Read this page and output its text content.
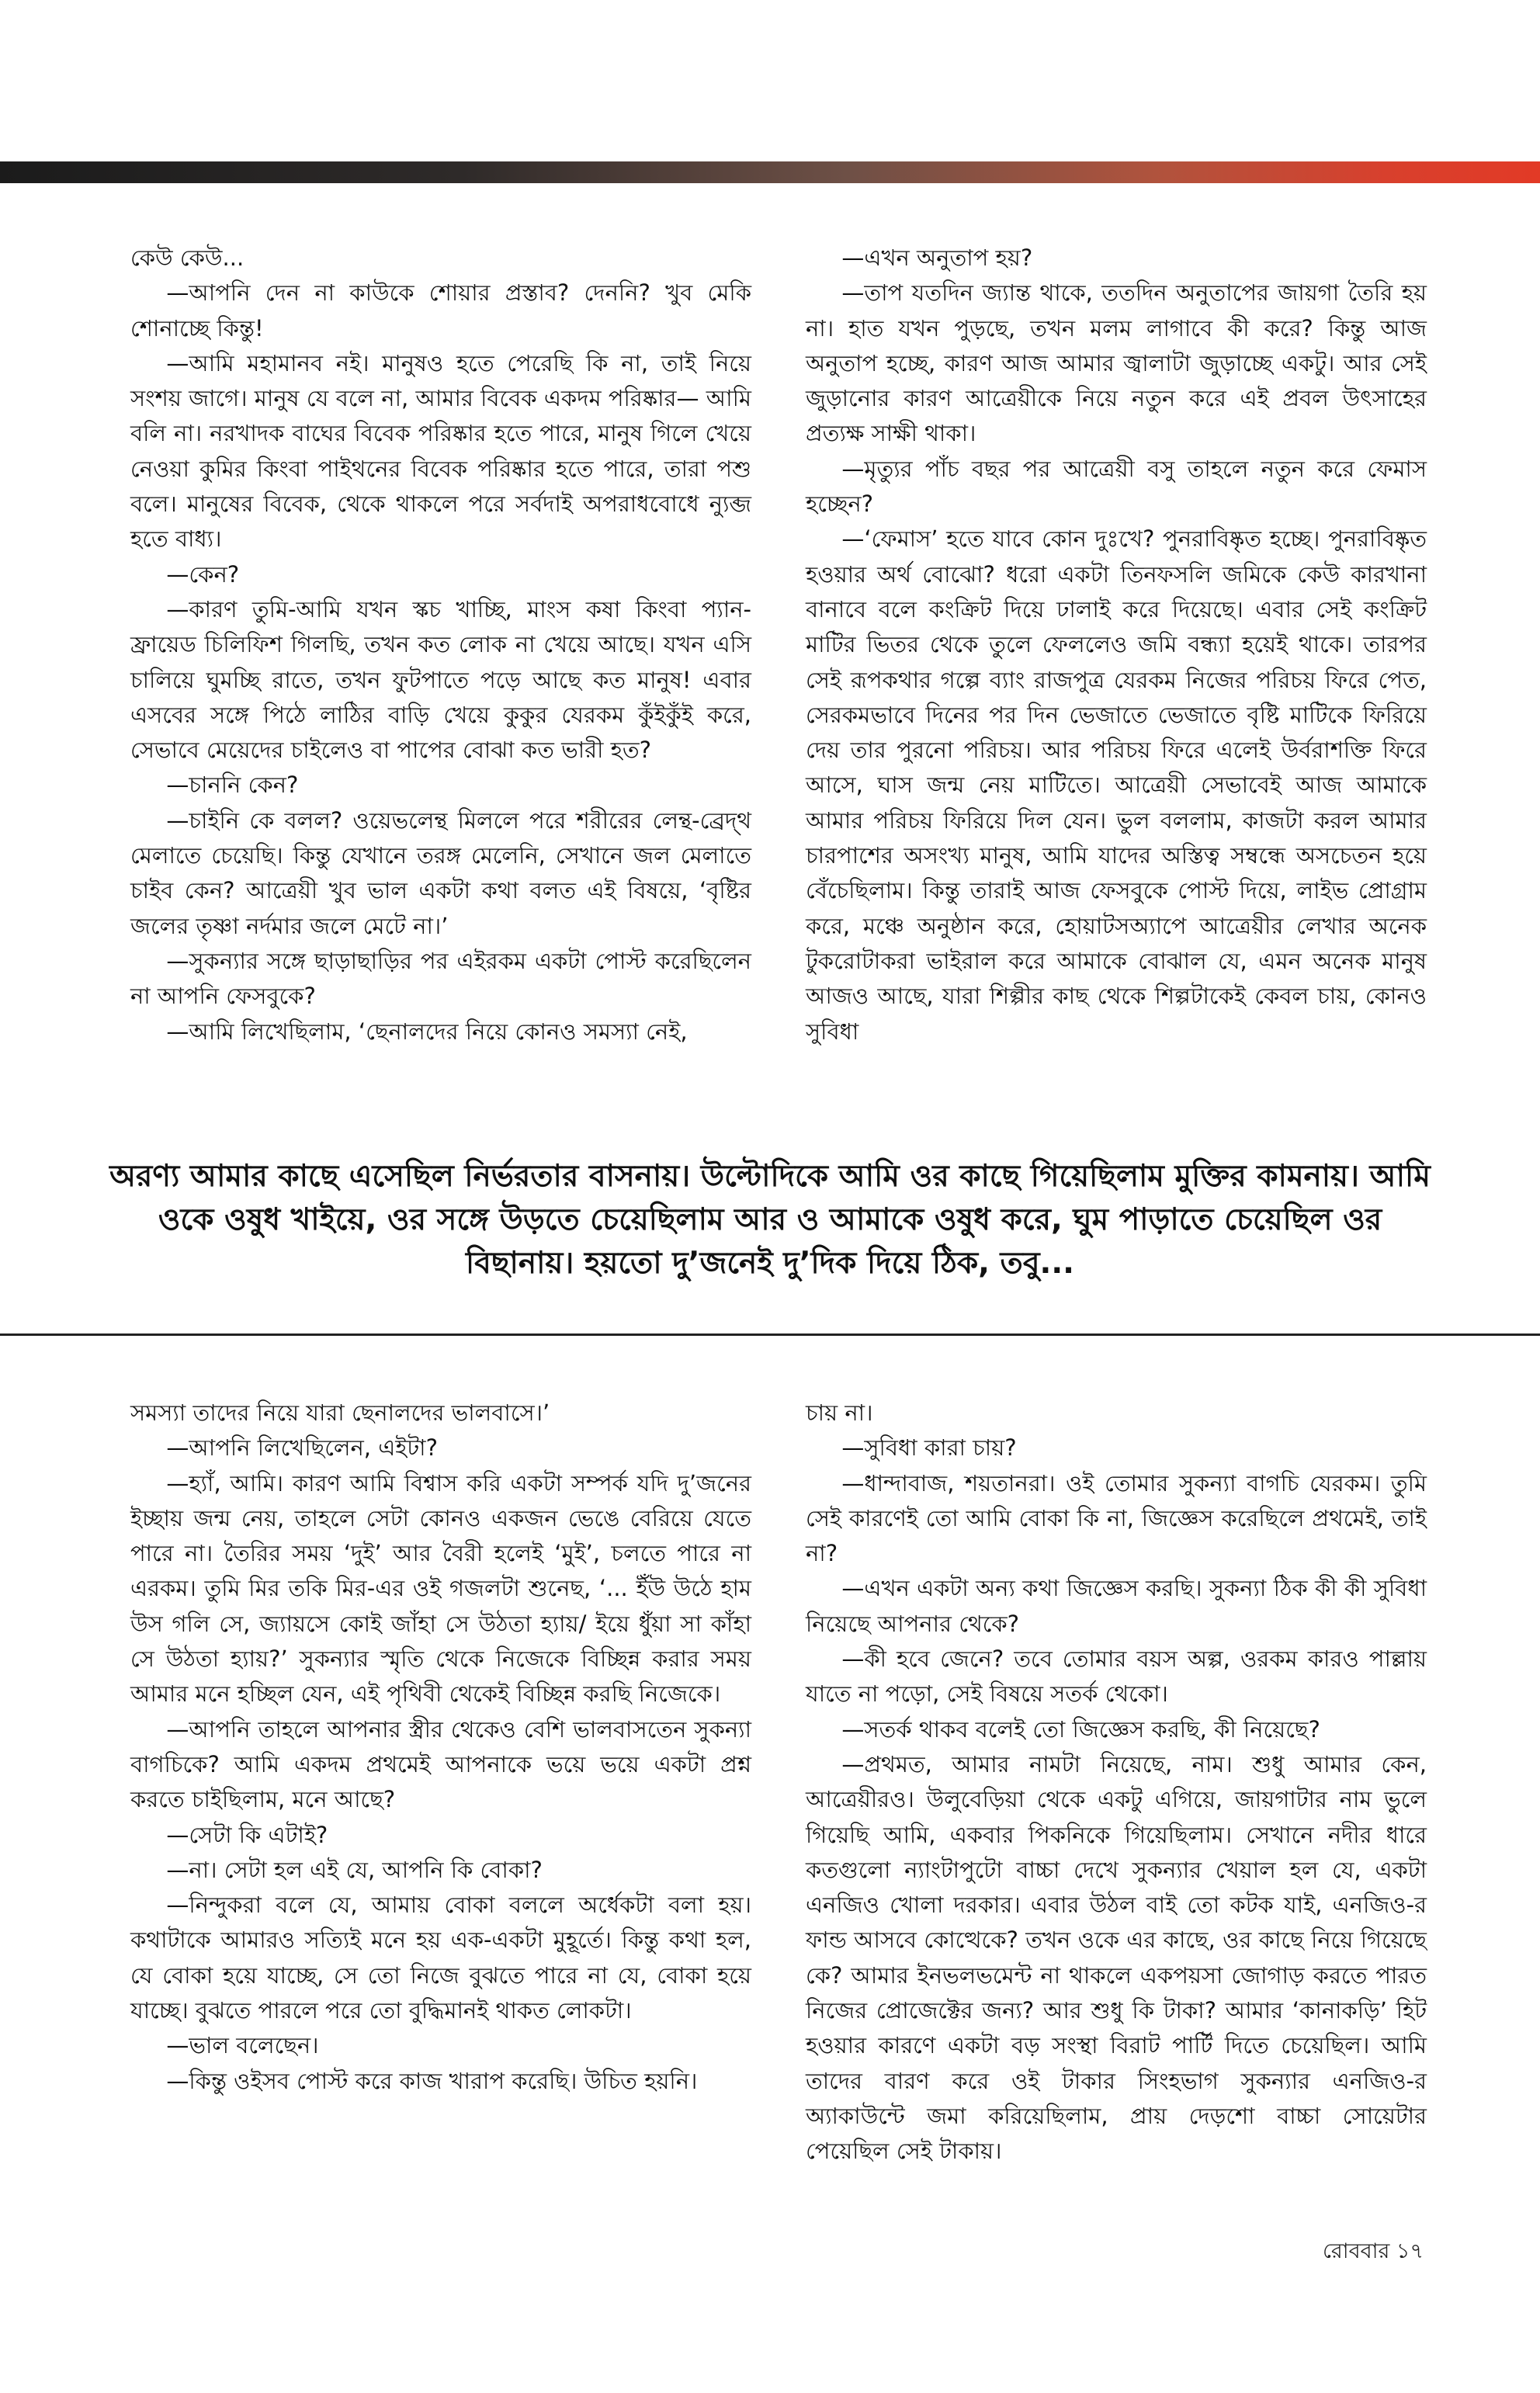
কেউ কেউ...

—আপনি দেন না কাউকে শোয়ার প্রস্তাব? দেননি? খুব মেকি শোনাচ্ছে কিন্তু!

—আমি মহামানব নই। মানুষও হতে পেরেছি কি না, তাই নিয়ে সংশয় জাগে। মানুষ যে বলে না, আমার বিবেক একদম পরিষ্কার— আমি বলি না। নরখাদক বাঘের বিবেক পরিষ্কার হতে পারে, মানুষ গিলে খেয়ে নেওয়া কুমির কিংবা পাইথনের বিবেক পরিষ্কার হতে পারে, তারা পশু বলে। মানুষের বিবেক, থেকে থাকলে পরে সর্বদাই অপরাধবোধে ন্যুব্জ হতে বাধ্য।

—কেন?

—কারণ তুমি-আমি যখন স্কচ খাচ্ছি, মাংস কষা কিংবা প্যান-ফ্রায়েড চিলিফিশ গিলছি, তখন কত লোক না খেয়ে আছে। যখন এসি চালিয়ে ঘুমচ্ছি রাতে, তখন ফুটপাতে পড়ে আছে কত মানুষ! এবার এসবের সঙ্গে পিঠে লাঠির বাড়ি খেয়ে কুকুর যেরকম কুঁইকুঁই করে, সেভাবে মেয়েদের চাইলেও বা পাপের বোঝা কত ভারী হত?

—চাননি কেন?

—চাইনি কে বলল? ওয়েভলেন্থ মিললে পরে শরীরের লেন্থ-ব্রেদ্থ মেলাতে চেয়েছি। কিন্তু যেখানে তরঙ্গ মেলেনি, সেখানে জল মেলাতে চাইব কেন? আত্রেয়ী খুব ভাল একটা কথা বলত এই বিষয়ে, ‘বৃষ্টির জলের তৃষ্ণা নর্দমার জলে মেটে না।’

—সুকন্যার সঙ্গে ছাড়াছাড়ির পর এইরকম একটা পোস্ট করেছিলেন না আপনি ফেসবুকে?

—আমি লিখেছিলাম, ‘ছেনালদের নিয়ে কোনও সমস্যা নেই,

—এখন অনুতাপ হয়?

—তাপ যতদিন জ্যান্ত থাকে, ততদিন অনুতাপের জায়গা তৈরি হয় না। হাত যখন পুড়ছে, তখন মলম লাগাবে কী করে? কিন্তু আজ অনুতাপ হচ্ছে, কারণ আজ আমার জ্বালাটা জুড়াচ্ছে একটু। আর সেই জুড়ানোর কারণ আত্রেয়ীকে নিয়ে নতুন করে এই প্রবল উৎসাহের প্রত্যক্ষ সাক্ষী থাকা।

—মৃত্যুর পাঁচ বছর পর আত্রেয়ী বসু তাহলে নতুন করে ফেমাস হচ্ছেন?

—‘ফেমাস’ হতে যাবে কোন দুঃখে? পুনরাবিষ্কৃত হচ্ছে। পুনরাবিষ্কৃত হওয়ার অর্থ বোঝো? ধরো একটা তিনফসলি জমিকে কেউ কারখানা বানাবে বলে কংক্রিট দিয়ে ঢালাই করে দিয়েছে। এবার সেই কংক্রিট মাটির ভিতর থেকে তুলে ফেললেও জমি বন্ধ্যা হয়েই থাকে। তারপর সেই রূপকথার গল্পে ব্যাং রাজপুত্র যেরকম নিজের পরিচয় ফিরে পেত, সেরকমভাবে দিনের পর দিন ভেজাতে ভেজাতে বৃষ্টি মাটিকে ফিরিয়ে দেয় তার পুরনো পরিচয়। আর পরিচয় ফিরে এলেই উর্বরাশক্তি ফিরে আসে, ঘাস জন্ম নেয় মাটিতে। আত্রেয়ী সেভাবেই আজ আমাকে আমার পরিচয় ফিরিয়ে দিল যেন। ভুল বললাম, কাজটা করল আমার চারপাশের অসংখ্য মানুষ, আমি যাদের অস্তিত্ব সম্বন্ধে অসচেতন হয়ে বেঁচেছিলাম। কিন্তু তারাই আজ ফেসবুকে পোস্ট দিয়ে, লাইভ প্রোগ্রাম করে, মঞ্চে অনুষ্ঠান করে, হোয়াটসঅ্যাপে আত্রেয়ীর লেখার অনেক টুকরোটাকরা ভাইরাল করে আমাকে বোঝাল যে, এমন অনেক মানুষ আজও আছে, যারা শিল্পীর কাছ থেকে শিল্পটাকেই কেবল চায়, কোনও সুবিধা

অরণ্য আমার কাছে এসেছিল নির্ভরতার বাসনায়। উল্টোদিকে আমি ওর কাছে গিয়েছিলাম মুক্তির কামনায়। আমি ওকে ওষুধ খাইয়ে, ওর সঙ্গে উড়তে চেয়েছিলাম আর ও আমাকে ওষুধ করে, ঘুম পাড়াতে চেয়েছিল ওর বিছানায়। হয়তো দু’জনেই দু’দিক দিয়ে ঠিক, তবু...

সমস্যা তাদের নিয়ে যারা ছেনালদের ভালবাসে।’

—আপনি লিখেছিলেন, এইটা?

—হ্যাঁ, আমি। কারণ আমি বিশ্বাস করি একটা সম্পর্ক যদি দু’জনের ইচ্ছায় জন্ম নেয়, তাহলে সেটা কোনও একজন ভেঙে বেরিয়ে যেতে পারে না। তৈরির সময় ‘দুই’ আর বৈরী হলেই ‘মুই’, চলতে পারে না এরকম। তুমি মির তকি মির-এর ওই গজলটা শুনেছ, ‘... ইঁউ উঠে হাম উস গলি সে, জ্যায়সে কোই জাঁহা সে উঠতা হ্যায়/ ইয়ে ধুঁয়া সা কাঁহা সে উঠতা হ্যায়?’ সুকন্যার স্মৃতি থেকে নিজেকে বিচ্ছিন্ন করার সময় আমার মনে হচ্ছিল যেন, এই পৃথিবী থেকেই বিচ্ছিন্ন করছি নিজেকে।

—আপনি তাহলে আপনার স্ত্রীর থেকেও বেশি ভালবাসতেন সুকন্যা বাগচিকে? আমি একদম প্রথমেই আপনাকে ভয়ে ভয়ে একটা প্রশ্ন করতে চাইছিলাম, মনে আছে?

—সেটা কি এটাই?

—না। সেটা হল এই যে, আপনি কি বোকা?

—নিন্দুকরা বলে যে, আমায় বোকা বললে অর্ধেকটা বলা হয়। কথাটাকে আমারও সত্যিই মনে হয় এক-একটা মুহূর্তে। কিন্তু কথা হল, যে বোকা হয়ে যাচ্ছে, সে তো নিজে বুঝতে পারে না যে, বোকা হয়ে যাচ্ছে। বুঝতে পারলে পরে তো বুদ্ধিমানই থাকত লোকটা।

—ভাল বলেছেন।

—কিন্তু ওইসব পোস্ট করে কাজ খারাপ করেছি। উচিত হয়নি।

চায় না।

—সুবিধা কারা চায়?

—ধান্দাবাজ, শয়তানরা। ওই তোমার সুকন্যা বাগচি যেরকম। তুমি সেই কারণেই তো আমি বোকা কি না, জিজ্ঞেস করেছিলে প্রথমেই, তাই না?

—এখন একটা অন্য কথা জিজ্ঞেস করছি। সুকন্যা ঠিক কী কী সুবিধা নিয়েছে আপনার থেকে?

—কী হবে জেনে? তবে তোমার বয়স অল্প, ওরকম কারও পাল্লায় যাতে না পড়ো, সেই বিষয়ে সতর্ক থেকো।

—সতর্ক থাকব বলেই তো জিজ্ঞেস করছি, কী নিয়েছে?

—প্রথমত, আমার নামটা নিয়েছে, নাম। শুধু আমার কেন, আত্রেয়ীরও। উলুবেড়িয়া থেকে একটু এগিয়ে, জায়গাটার নাম ভুলে গিয়েছি আমি, একবার পিকনিকে গিয়েছিলাম। সেখানে নদীর ধারে কতগুলো ন্যাংটাপুটো বাচ্চা দেখে সুকন্যার খেয়াল হল যে, একটা এনজিও খোলা দরকার। এবার উঠল বাই তো কটক যাই, এনজিও-র ফান্ড আসবে কোত্থেকে? তখন ওকে এর কাছে, ওর কাছে নিয়ে গিয়েছে কে? আমার ইনভলভমেন্ট না থাকলে একপয়সা জোগাড় করতে পারত নিজের প্রোজেক্টের জন্য? আর শুধু কি টাকা? আমার ‘কানাকড়ি’ হিট হওয়ার কারণে একটা বড় সংস্থা বিরাট পার্টি দিতে চেয়েছিল। আমি তাদের বারণ করে ওই টাকার সিংহভাগ সুকন্যার এনজিও-র অ্যাকাউন্টে জমা করিয়েছিলাম, প্রায় দেড়শো বাচ্চা সোয়েটার পেয়েছিল সেই টাকায়।

রোববার ১৭
